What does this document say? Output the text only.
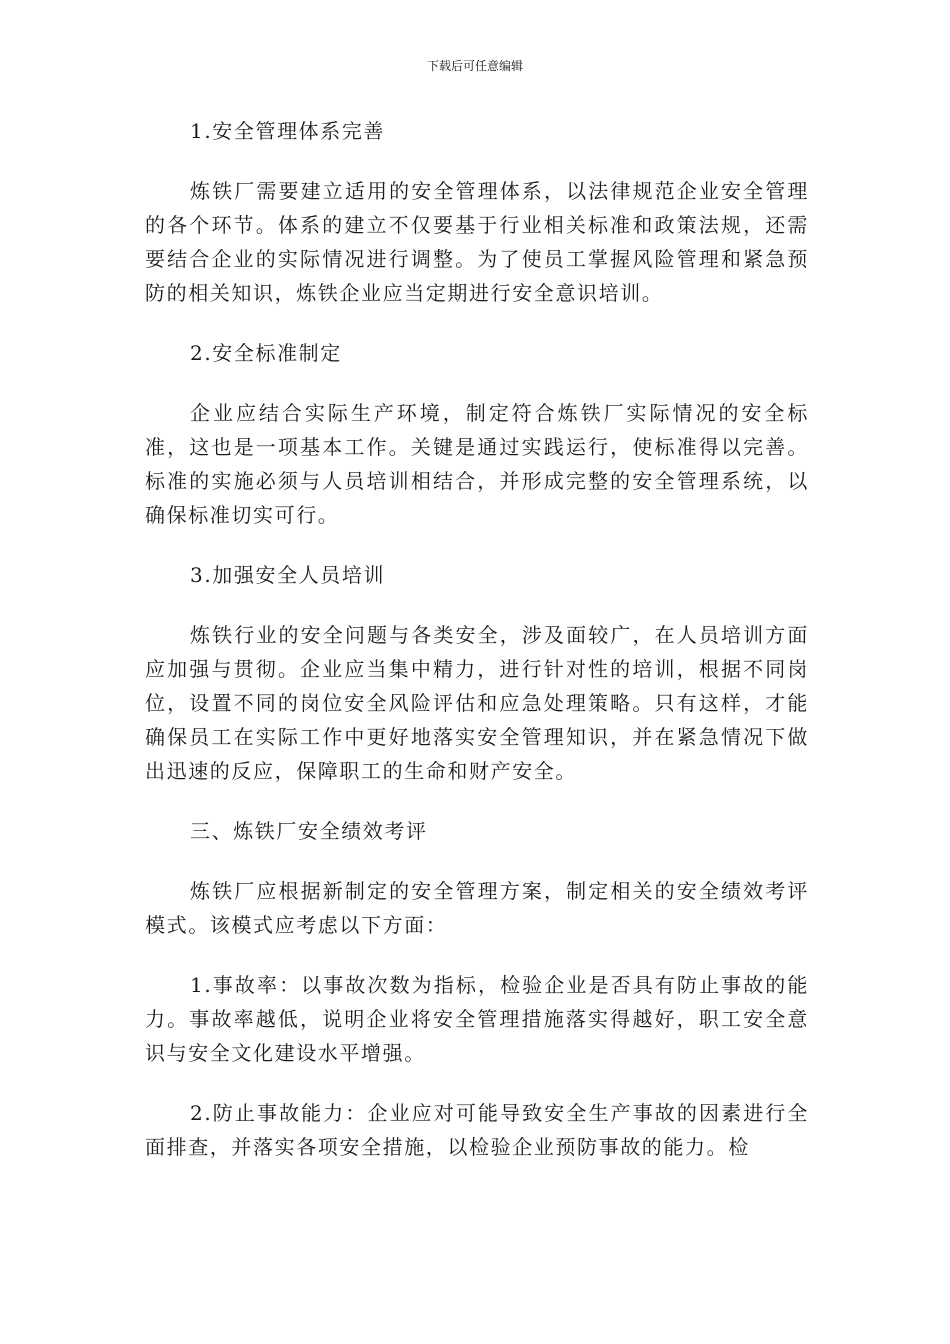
下载后可任意编辑

1.安全管理体系完善

炼铁厂需要建立适用的安全管理体系，以法律规范企业安全管理的各个环节。体系的建立不仅要基于行业相关标准和政策法规，还需要结合企业的实际情况进行调整。为了使员工掌握风险管理和紧急预防的相关知识，炼铁企业应当定期进行安全意识培训。

2.安全标准制定

企业应结合实际生产环境，制定符合炼铁厂实际情况的安全标准，这也是一项基本工作。关键是通过实践运行，使标准得以完善。标准的实施必须与人员培训相结合，并形成完整的安全管理系统，以确保标准切实可行。

3.加强安全人员培训

炼铁行业的安全问题与各类安全，涉及面较广，在人员培训方面应加强与贯彻。企业应当集中精力，进行针对性的培训，根据不同岗位，设置不同的岗位安全风险评估和应急处理策略。只有这样，才能确保员工在实际工作中更好地落实安全管理知识，并在紧急情况下做出迅速的反应，保障职工的生命和财产安全。

三、炼铁厂安全绩效考评

炼铁厂应根据新制定的安全管理方案，制定相关的安全绩效考评模式。该模式应考虑以下方面：

1.事故率：以事故次数为指标，检验企业是否具有防止事故的能力。事故率越低，说明企业将安全管理措施落实得越好，职工安全意识与安全文化建设水平增强。

2.防止事故能力：企业应对可能导致安全生产事故的因素进行全面排查，并落实各项安全措施，以检验企业预防事故的能力。检
